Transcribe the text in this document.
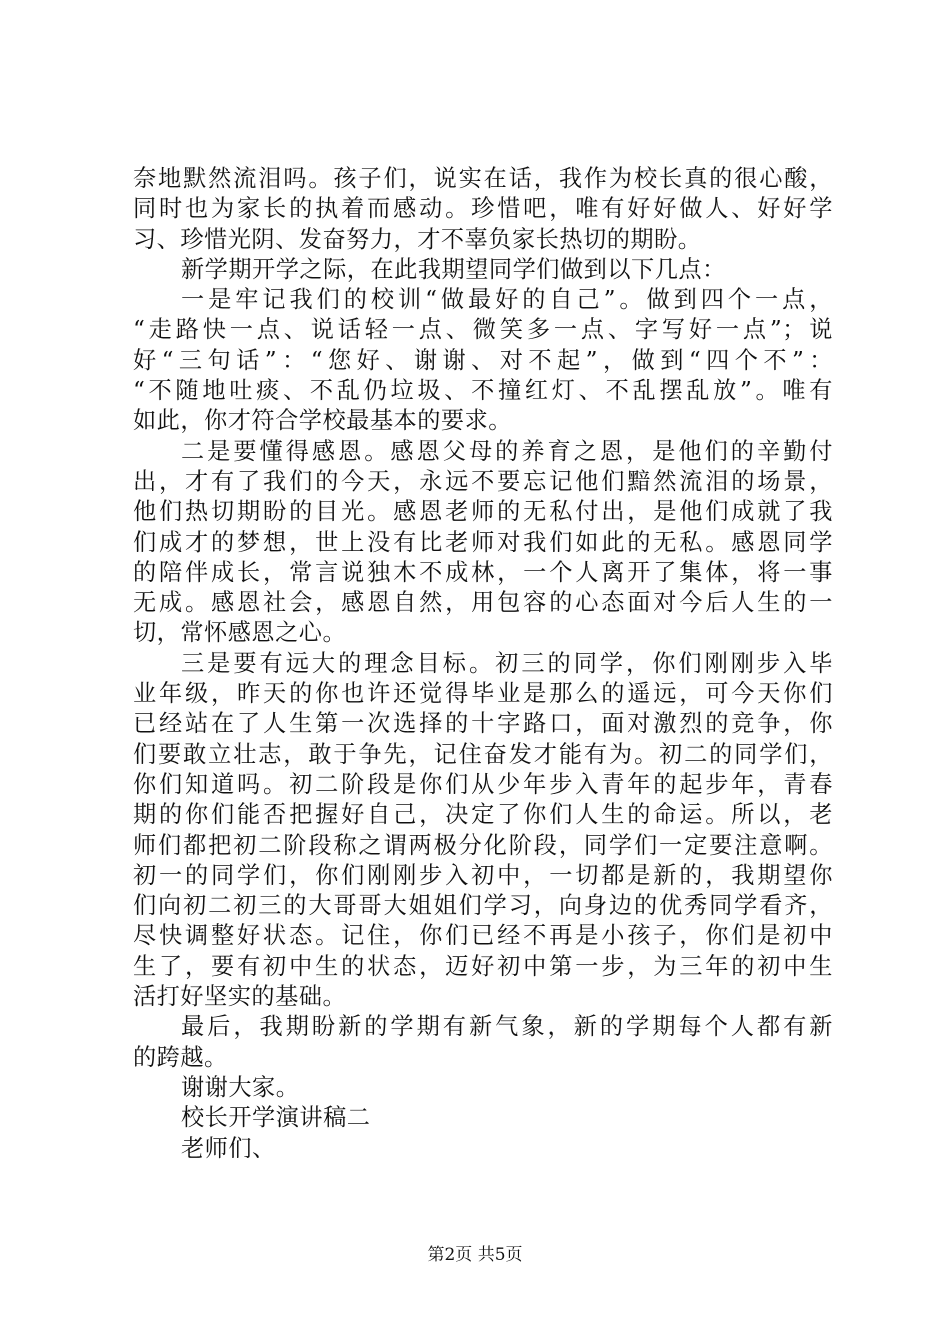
奈地默然流泪吗。孩子们，说实在话，我作为校长真的很心酸，
同时也为家长的执着而感动。珍惜吧，唯有好好做人、好好学
习、珍惜光阴、发奋努力，才不辜负家长热切的期盼。
新学期开学之际，在此我期望同学们做到以下几点：
一是牢记我们的校训“做最好的自己”。做到四个一点，
“走路快一点、说话轻一点、微笑多一点、字写好一点”；说
好“三句话”：“您好、谢谢、对不起”，做到“四个不”：
“不随地吐痰、不乱仍垃圾、不撞红灯、不乱摆乱放”。唯有
如此，你才符合学校最基本的要求。
二是要懂得感恩。感恩父母的养育之恩，是他们的辛勤付
出，才有了我们的今天，永远不要忘记他们黯然流泪的场景，
他们热切期盼的目光。感恩老师的无私付出，是他们成就了我
们成才的梦想，世上没有比老师对我们如此的无私。感恩同学
的陪伴成长，常言说独木不成林，一个人离开了集体，将一事
无成。感恩社会，感恩自然，用包容的心态面对今后人生的一
切，常怀感恩之心。
三是要有远大的理念目标。初三的同学，你们刚刚步入毕
业年级，昨天的你也许还觉得毕业是那么的遥远，可今天你们
已经站在了人生第一次选择的十字路口，面对激烈的竞争，你
们要敢立壮志，敢于争先，记住奋发才能有为。初二的同学们，
你们知道吗。初二阶段是你们从少年步入青年的起步年，青春
期的你们能否把握好自己，决定了你们人生的命运。所以，老
师们都把初二阶段称之谓两极分化阶段，同学们一定要注意啊。
初一的同学们，你们刚刚步入初中，一切都是新的，我期望你
们向初二初三的大哥哥大姐姐们学习，向身边的优秀同学看齐，
尽快调整好状态。记住，你们已经不再是小孩子，你们是初中
生了，要有初中生的状态，迈好初中第一步，为三年的初中生
活打好坚实的基础。
最后，我期盼新的学期有新气象，新的学期每个人都有新
的跨越。
谢谢大家。
校长开学演讲稿二
老师们、
第2页 共5页
